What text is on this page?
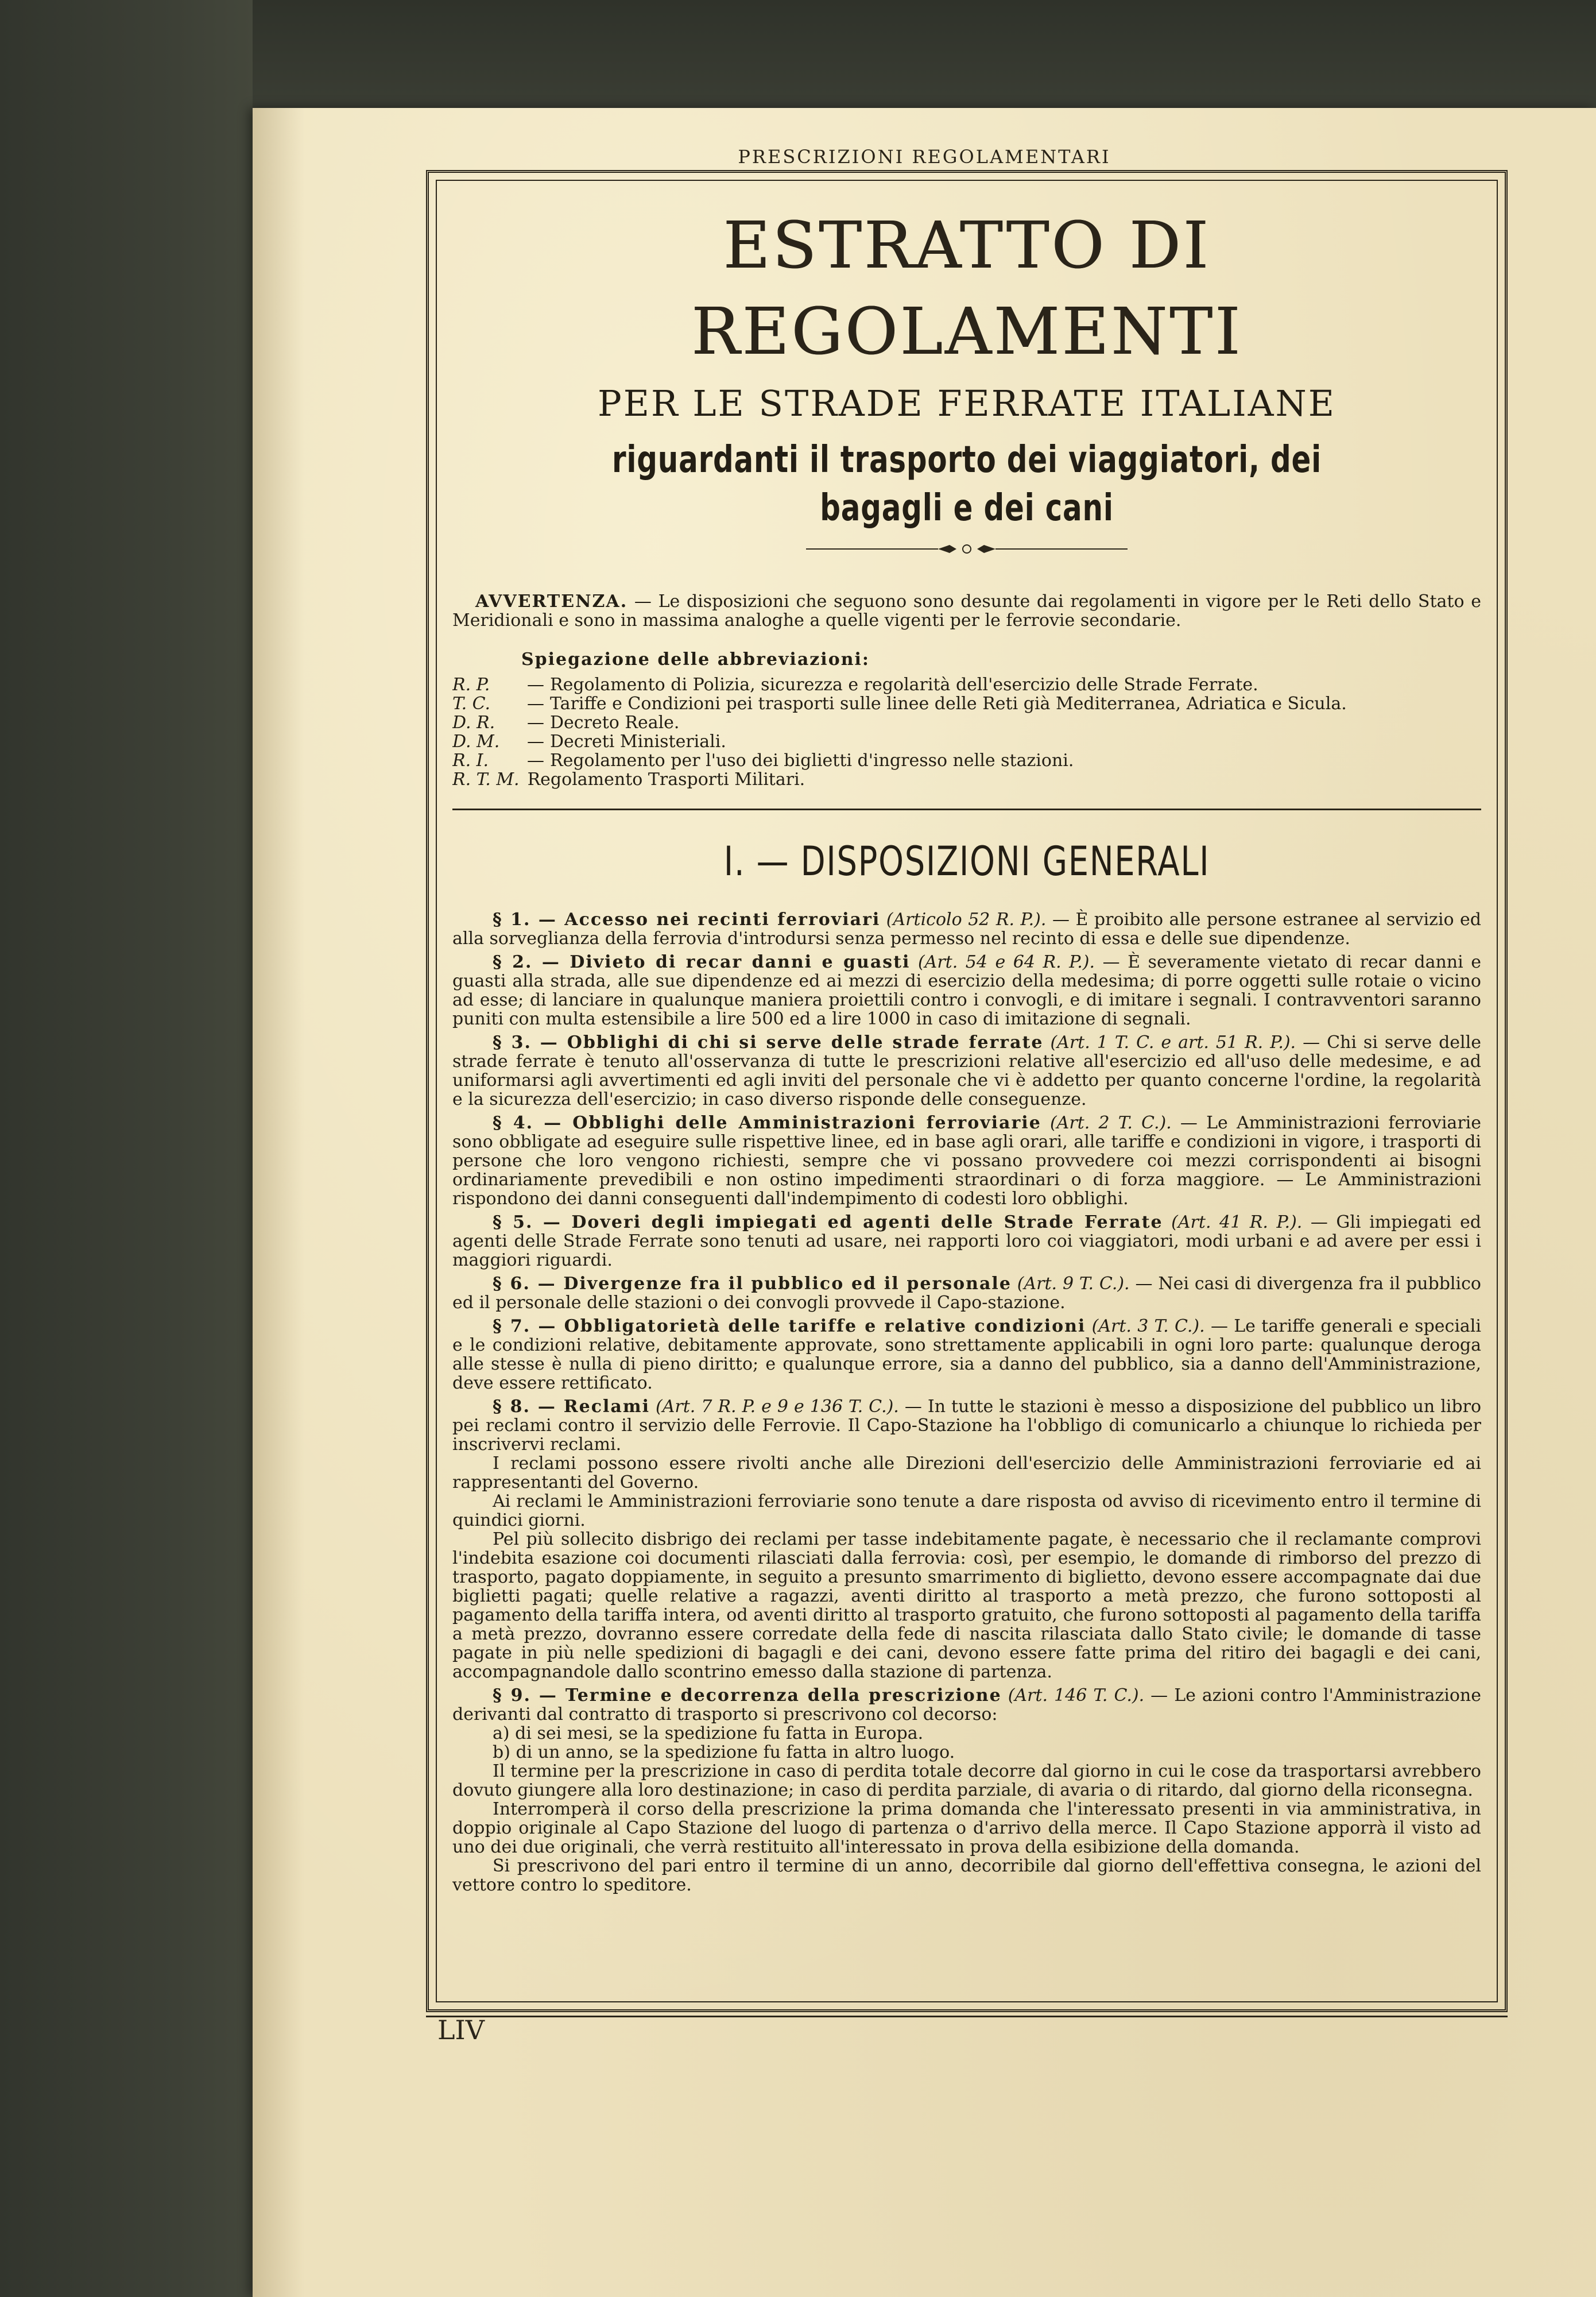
PRESCRIZIONI REGOLAMENTARI
LIV
ESTRATTO DI REGOLAMENTI
PER LE STRADE FERRATE ITALIANE
riguardanti il trasporto dei viaggiatori, dei bagagli e dei cani

AVVERTENZA. — Le disposizioni che seguono sono desunte dai regolamenti in vigore per le Reti dello Stato e Meridionali e sono in massima analoghe a quelle vigenti per le ferrovie secondarie.

Spiegazione delle abbreviazioni:
R. P.	— Regolamento di Polizia, sicurezza e regolarità dell'esercizio delle Strade Ferrate.
T. C.	— Tariffe e Condizioni pei trasporti sulle linee delle Reti già Mediterranea, Adriatica e Sicula.
D. R.	— Decreto Reale.
D. M.	— Decreti Ministeriali.
R. I.	— Regolamento per l'uso dei biglietti d'ingresso nelle stazioni.
R. T. M. Regolamento Trasporti Militari.
I. — DISPOSIZIONI GENERALI

§ 1. — Accesso nei recinti ferroviari (Articolo 52 R. P.). — È proibito alle persone estranee al servizio ed alla sorveglianza della ferrovia d'introdursi senza permesso nel recinto di essa e delle sue dipendenze.

§ 2. — Divieto di recar danni e guasti (Art. 54 e 64 R. P.). — È severamente vietato di recar danni e guasti alla strada, alle sue dipendenze ed ai mezzi di esercizio della medesima; di porre oggetti sulle rotaie o vicino ad esse; di lanciare in qualunque maniera proiettili contro i convogli, e di imitare i segnali. I contravventori saranno puniti con multa estensibile a lire 500 ed a lire 1000 in caso di imitazione di segnali.

§ 3. — Obblighi di chi si serve delle strade ferrate (Art. 1 T. C. e art. 51 R. P.). — Chi si serve delle strade ferrate è tenuto all'osservanza di tutte le prescrizioni relative all'esercizio ed all'uso delle medesime, e ad uniformarsi agli avvertimenti ed agli inviti del personale che vi è addetto per quanto concerne l'ordine, la regolarità e la sicurezza dell'esercizio; in caso diverso risponde delle conseguenze.

§ 4. — Obblighi delle Amministrazioni ferroviarie (Art. 2 T. C.). — Le Amministrazioni ferroviarie sono obbligate ad eseguire sulle rispettive linee, ed in base agli orari, alle tariffe e condizioni in vigore, i trasporti di persone che loro vengono richiesti, sempre che vi possano provvedere coi mezzi corrispondenti ai bisogni ordinariamente prevedibili e non ostino impedimenti straordinari o di forza maggiore. — Le Amministrazioni rispondono dei danni conseguenti dall'indempimento di codesti loro obblighi.

§ 5. — Doveri degli impiegati ed agenti delle Strade Ferrate (Art. 41 R. P.). — Gli impiegati ed agenti delle Strade Ferrate sono tenuti ad usare, nei rapporti loro coi viaggiatori, modi urbani e ad avere per essi i maggiori riguardi.

§ 6. — Divergenze fra il pubblico ed il personale (Art. 9 T. C.). — Nei casi di divergenza fra il pubblico ed il personale delle stazioni o dei convogli provvede il Capo-stazione.

§ 7. — Obbligatorietà delle tariffe e relative condizioni (Art. 3 T. C.). — Le tariffe generali e speciali e le condizioni relative, debitamente approvate, sono strettamente applicabili in ogni loro parte: qualunque deroga alle stesse è nulla di pieno diritto; e qualunque errore, sia a danno del pubblico, sia a danno dell'Amministrazione, deve essere rettificato.

§ 8. — Reclami (Art. 7 R. P. e 9 e 136 T. C.). — In tutte le stazioni è messo a disposizione del pubblico un libro pei reclami contro il servizio delle Ferrovie. Il Capo-Stazione ha l'obbligo di comunicarlo a chiunque lo richieda per inscrivervi reclami.

I reclami possono essere rivolti anche alle Direzioni dell'esercizio delle Amministrazioni ferroviarie ed ai rappresentanti del Governo.

Ai reclami le Amministrazioni ferroviarie sono tenute a dare risposta od avviso di ricevimento entro il termine di quindici giorni.

Pel più sollecito disbrigo dei reclami per tasse indebitamente pagate, è necessario che il reclamante comprovi l'indebita esazione coi documenti rilasciati dalla ferrovia: così, per esempio, le domande di rimborso del prezzo di trasporto, pagato doppiamente, in seguito a presunto smarrimento di biglietto, devono essere accompagnate dai due biglietti pagati; quelle relative a ragazzi, aventi diritto al trasporto a metà prezzo, che furono sottoposti al pagamento della tariffa intera, od aventi diritto al trasporto gratuito, che furono sottoposti al pagamento della tariffa a metà prezzo, dovranno essere corredate della fede di nascita rilasciata dallo Stato civile; le domande di tasse pagate in più nelle spedizioni di bagagli e dei cani, devono essere fatte prima del ritiro dei bagagli e dei cani, accompagnandole dallo scontrino emesso dalla stazione di partenza.

§ 9. — Termine e decorrenza della prescrizione (Art. 146 T. C.). — Le azioni contro l'Amministrazione derivanti dal contratto di trasporto si prescrivono col decorso:

a) di sei mesi, se la spedizione fu fatta in Europa.

b) di un anno, se la spedizione fu fatta in altro luogo.

Il termine per la prescrizione in caso di perdita totale decorre dal giorno in cui le cose da trasportarsi avrebbero dovuto giungere alla loro destinazione; in caso di perdita parziale, di avaria o di ritardo, dal giorno della riconsegna.

Interromperà il corso della prescrizione la prima domanda che l'interessato presenti in via amministrativa, in doppio originale al Capo Stazione del luogo di partenza o d'arrivo della merce. Il Capo Stazione apporrà il visto ad uno dei due originali, che verrà restituito all'interessato in prova della esibizione della domanda.

Si prescrivono del pari entro il termine di un anno, decorribile dal giorno dell'effettiva consegna, le azioni del vettore contro lo speditore.
